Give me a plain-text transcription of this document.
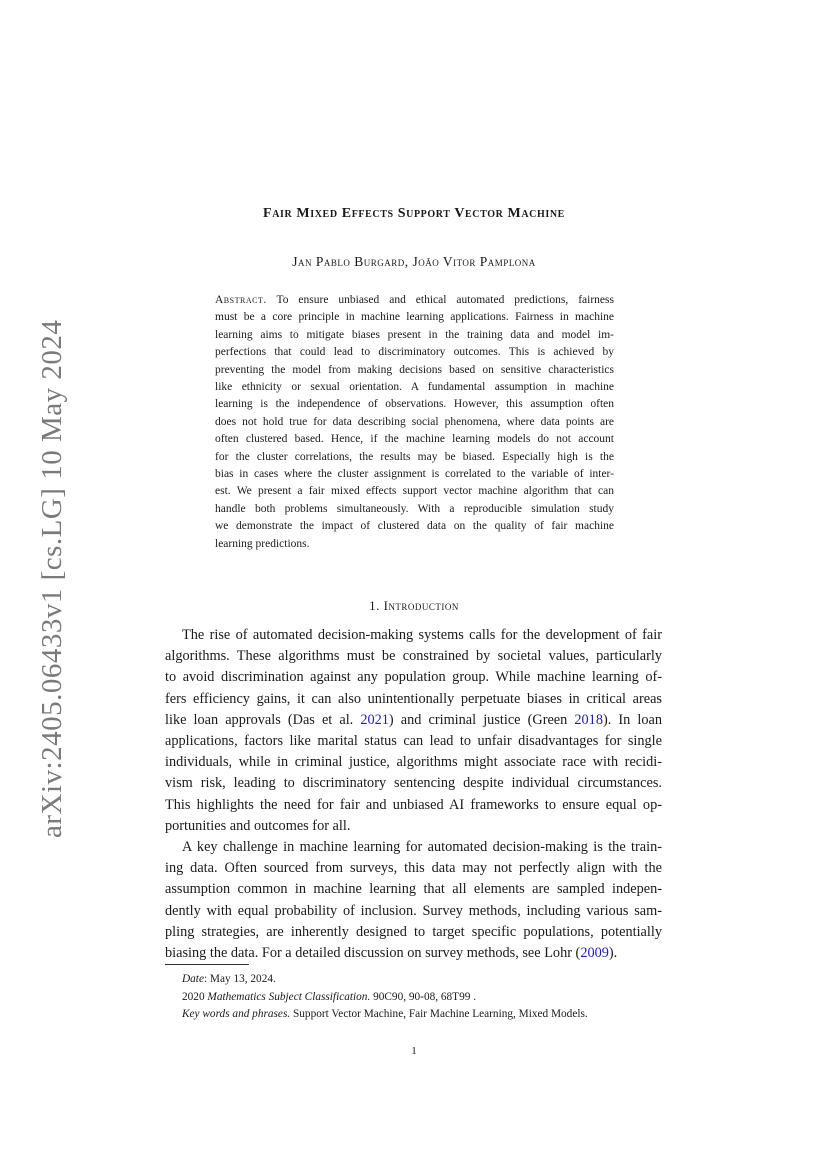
arXiv:2405.06433v1 [cs.LG] 10 May 2024
Fair Mixed Effects Support Vector Machine
Jan Pablo Burgard, João Vitor Pamplona
Abstract. To ensure unbiased and ethical automated predictions, fairness
must be a core principle in machine learning applications. Fairness in machine
learning aims to mitigate biases present in the training data and model im-
perfections that could lead to discriminatory outcomes. This is achieved by
preventing the model from making decisions based on sensitive characteristics
like ethnicity or sexual orientation. A fundamental assumption in machine
learning is the independence of observations. However, this assumption often
does not hold true for data describing social phenomena, where data points are
often clustered based. Hence, if the machine learning models do not account
for the cluster correlations, the results may be biased. Especially high is the
bias in cases where the cluster assignment is correlated to the variable of inter-
est. We present a fair mixed effects support vector machine algorithm that can
handle both problems simultaneously. With a reproducible simulation study
we demonstrate the impact of clustered data on the quality of fair machine
learning predictions.
1. Introduction
The rise of automated decision-making systems calls for the development of fair
algorithms. These algorithms must be constrained by societal values, particularly
to avoid discrimination against any population group. While machine learning of-
fers efficiency gains, it can also unintentionally perpetuate biases in critical areas
like loan approvals (Das et al. 2021) and criminal justice (Green 2018). In loan
applications, factors like marital status can lead to unfair disadvantages for single
individuals, while in criminal justice, algorithms might associate race with recidi-
vism risk, leading to discriminatory sentencing despite individual circumstances.
This highlights the need for fair and unbiased AI frameworks to ensure equal op-
portunities and outcomes for all.
A key challenge in machine learning for automated decision-making is the train-
ing data. Often sourced from surveys, this data may not perfectly align with the
assumption common in machine learning that all elements are sampled indepen-
dently with equal probability of inclusion. Survey methods, including various sam-
pling strategies, are inherently designed to target specific populations, potentially
biasing the data. For a detailed discussion on survey methods, see Lohr (2009).
Date: May 13, 2024.
2020 Mathematics Subject Classification. 90C90, 90-08, 68T99 .
Key words and phrases. Support Vector Machine, Fair Machine Learning, Mixed Models.
1
